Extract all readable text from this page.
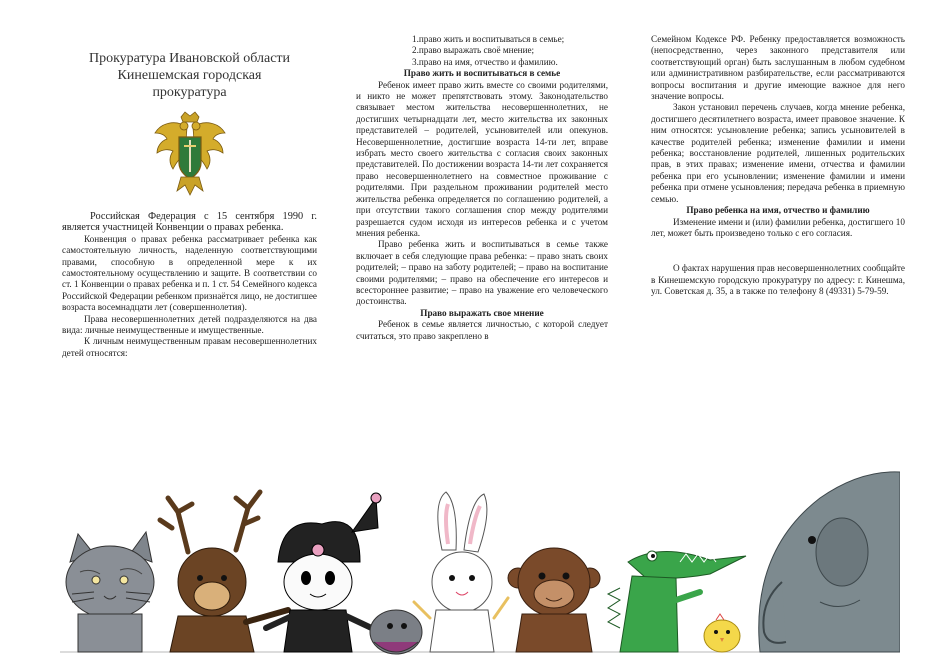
Прокуратура Ивановской области
Кинешемская городская
прокуратура

Российская Федерация с 15 сентября 1990 г. является участницей Конвенции о правах ребенка.

Конвенция о правах ребенка рассматривает ребенка как самостоятельную личность, наделенную соответствующими правами, способную в определенной мере к их самостоятельному осуществлению и защите. В соответствии со ст. 1 Конвенции о правах ребенка и п. 1 ст. 54 Семейного кодекса Российской Федерации ребенком признаётся лицо, не достигшее возраста восемнадцати лет (совершеннолетия).

Права несовершеннолетних детей подразделяются на два вида: личные неимущественные и имущественные.

К личным неимущественным правам несовершеннолетних детей относятся:

1.право жить и воспитываться в семье;

2.право выражать своё мнение;

3.право на имя, отчество и фамилию.

Право жить и воспитываться в семье

Ребенок имеет право жить вместе со своими родителями, и никто не может препятствовать этому. Законодательство связывает местом жительства несовершеннолетних, не достигших четырнадцати лет, место жительства их законных представителей – родителей, усыновителей или опекунов. Несовершеннолетние, достигшие возраста 14-ти лет, вправе избрать место своего жительства с согласия своих законных представителей. По достижении возраста 14-ти лет сохраняется право несовершеннолетнего на совместное проживание с родителями. При раздельном проживании родителей место жительства ребенка определяется по соглашению родителей, а при отсутствии такого соглашения спор между родителями разрешается судом исходя из интересов ребенка и с учетом мнения ребенка.

Право ребенка жить и воспитываться в семье также включает в себя следующие права ребенка: – право знать своих родителей; – право на заботу родителей; – право на воспитание своими родителями; – право на обеспечение его интересов и всестороннее развитие; – право на уважение его человеческого достоинства.

Право выражать свое мнение

Ребенок в семье является личностью, с которой следует считаться, это право закреплено в

Семейном Кодексе РФ. Ребенку предоставляется возможность (непосредственно, через законного представителя или соответствующий орган) быть заслушанным в любом судебном или административном разбирательстве, если рассматриваются вопросы воспитания и другие имеющие важное для него значение вопросы.

Закон установил перечень случаев, когда мнение ребенка, достигшего десятилетнего возраста, имеет правовое значение. К ним относятся: усыновление ребенка; запись усыновителей в качестве родителей ребенка; изменение фамилии и имени ребенка; восстановление родителей, лишенных родительских прав, в этих правах; изменение имени, отчества и фамилии ребенка при его усыновлении; изменение фамилии и имени ребенка при отмене усыновления; передача ребенка в приемную семью.

Право ребенка на имя, отчество и фамилию

Изменение имени и (или) фамилии ребенка, достигшего 10 лет, может быть произведено только с его согласия.

О фактах нарушения прав несовершеннолетних сообщайте в Кинешемскую городскую прокуратуру по адресу: г. Кинешма, ул. Советская д. 35, а в также по телефону 8 (49331) 5-79-59.
